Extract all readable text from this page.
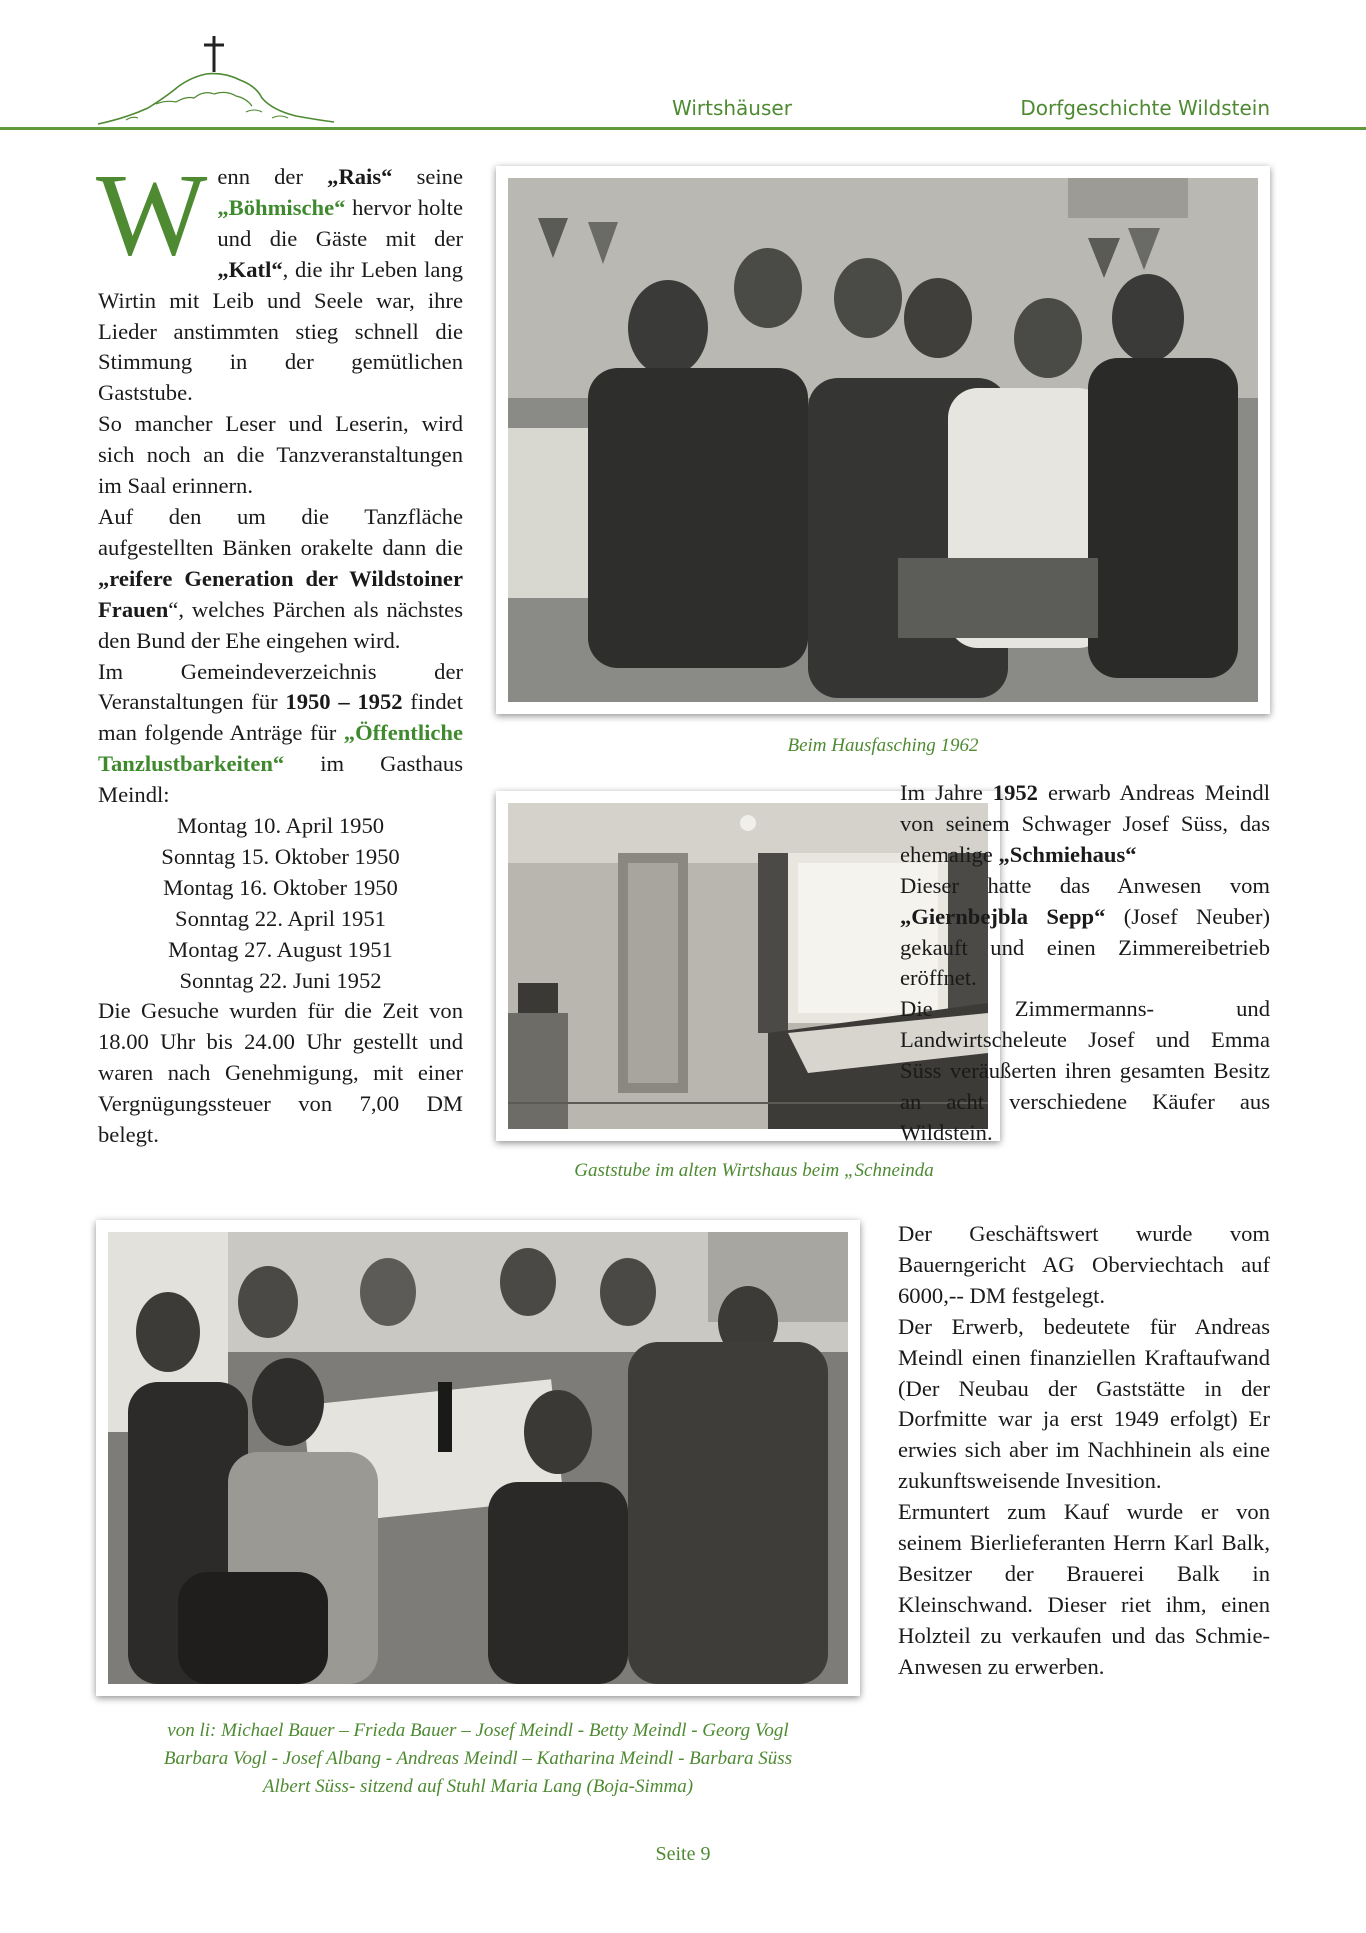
Wirtshäuser	Dorfgeschichte Wildstein

Wenn der „Rais“ seine „Böhmische“ hervor holte und die Gäste mit der „Katl“, die ihr Leben lang Wirtin mit Leib und Seele war, ihre Lieder anstimmten stieg schnell die Stimmung in der gemütlichen Gaststube.

So mancher Leser und Leserin, wird sich noch an die Tanzveranstaltungen im Saal erinnern.

Auf den um die Tanzfläche aufgestellten Bänken orakelte dann die „reifere Generation der Wildstoiner Frauen“, welches Pärchen als nächstes den Bund der Ehe eingehen wird.

Im Gemeindeverzeichnis der Veranstaltungen für 1950 – 1952 findet man folgende Anträge für „Öffentliche Tanzlustbarkeiten“ im Gasthaus Meindl:

Montag 10. April 1950
Sonntag 15. Oktober 1950
Montag 16. Oktober 1950
Sonntag 22. April 1951
Montag 27. August 1951
Sonntag 22. Juni 1952

Die Gesuche wurden für die Zeit von 18.00 Uhr bis 24.00 Uhr gestellt und waren nach Genehmigung, mit einer Vergnügungssteuer von 7,00 DM belegt.

Beim Hausfasching 1962
Gaststube im alten Wirtshaus beim „Schneinda

Im Jahre 1952 erwarb Andreas Meindl von seinem Schwager Josef Süss, das ehemalige „Schmiehaus“

Dieser hatte das Anwesen vom „Giernbejbla Sepp“ (Josef Neuber) gekauft und einen Zimmereibetrieb eröffnet.

Die Zimmermanns- und Landwirtscheleute Josef und Emma Süss veräußerten ihren gesamten Besitz an acht verschiedene Käufer aus Wildstein.

von li: Michael Bauer – Frieda Bauer – Josef Meindl - Betty Meindl - Georg Vogl
Barbara Vogl - Josef Albang - Andreas Meindl – Katharina Meindl - Barbara Süss
Albert Süss- sitzend auf Stuhl Maria Lang (Boja-Simma)

Der Geschäftswert wurde vom Bauerngericht AG Oberviechtach auf 6000,-- DM festgelegt.

Der Erwerb, bedeutete für Andreas Meindl einen finanziellen Kraftaufwand (Der Neubau der Gaststätte in der Dorfmitte war ja erst 1949 erfolgt) Er erwies sich aber im Nachhinein als eine zukunftsweisende Invesition.

Ermuntert zum Kauf wurde er von seinem Bierlieferanten Herrn Karl Balk, Besitzer der Brauerei Balk in Kleinschwand. Dieser riet ihm, einen Holzteil zu verkaufen und das Schmie-Anwesen zu erwerben.

Seite 9
